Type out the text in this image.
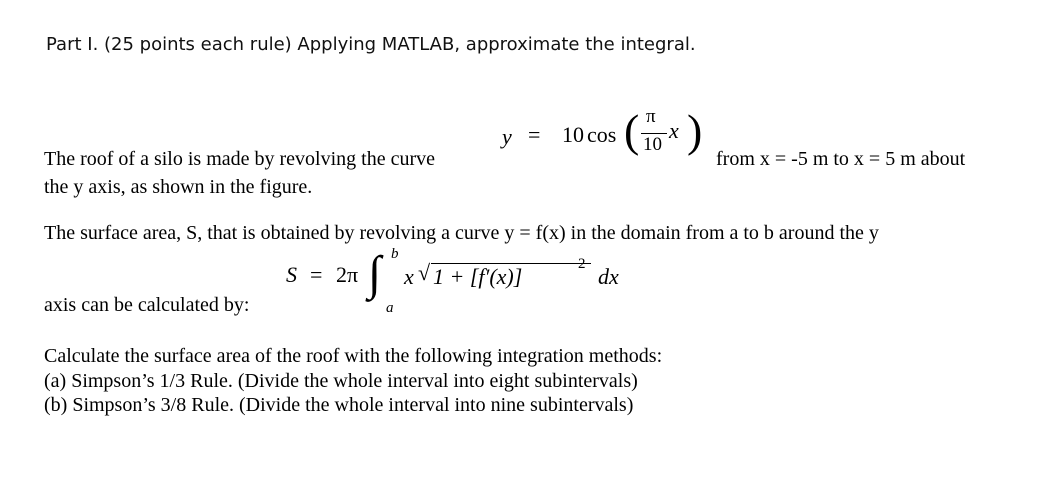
Part I. (25 points each rule) Applying MATLAB, approximate the integral.
y = 10 cos ( π
10
x )
The roof of a silo is made by revolving the curve	from x = -5 m to x = 5 m about
the y axis, as shown in the figure.
The surface area, S, that is obtained by revolving a curve y = f(x) in the domain from a to b around the y
S = 2π ∫ b
a
x √ 1 + [f′(x)]	2 dx
axis can be calculated by:
Calculate the surface area of the roof with the following integration methods:
(a) Simpson’s 1/3 Rule. (Divide the whole interval into eight subintervals)
(b) Simpson’s 3/8 Rule. (Divide the whole interval into nine subintervals)
